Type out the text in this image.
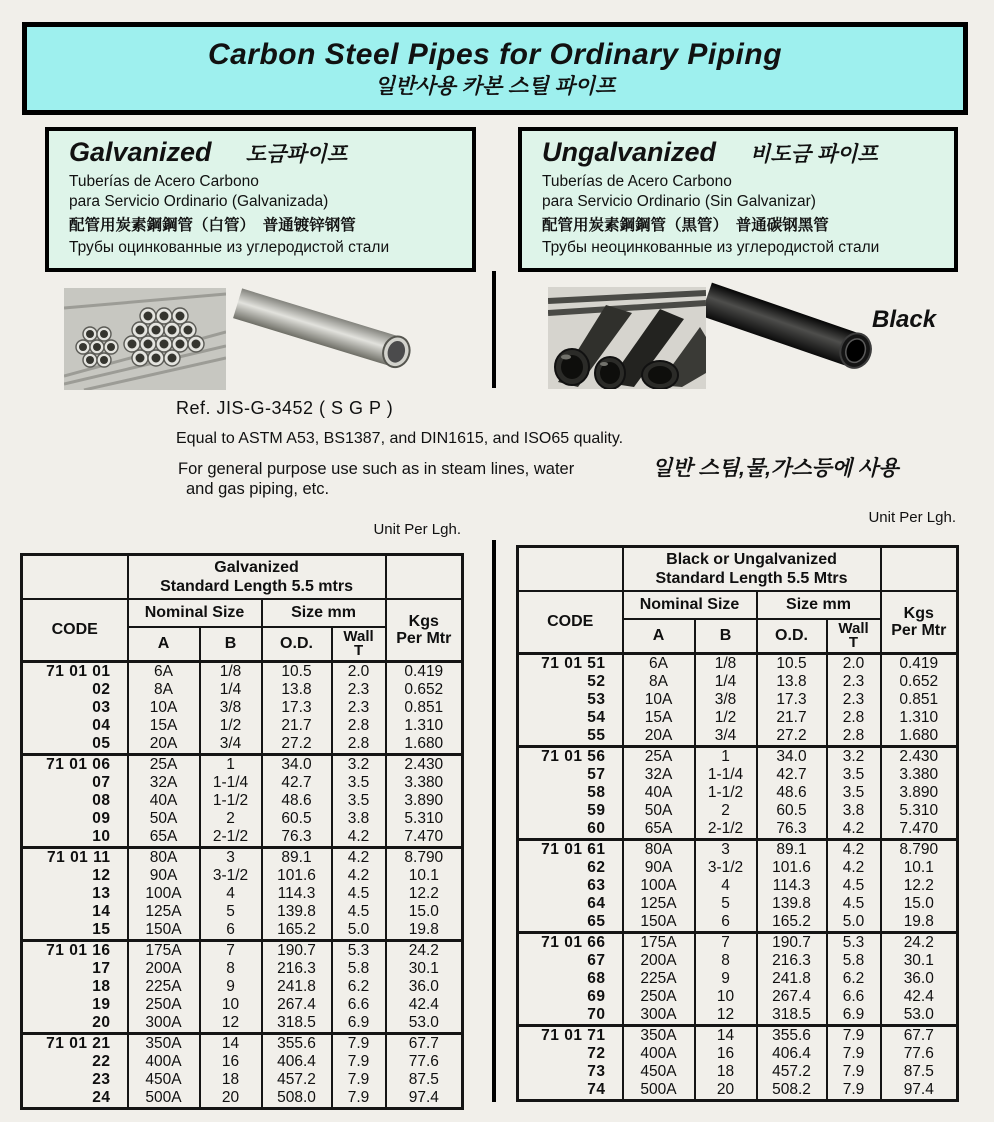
Carbon Steel Pipes for Ordinary Piping
일반사용 카본 스틸 파이프
Galvanized 도금파이프
Tuberías de Acero Carbono
para Servicio Ordinario (Galvanizada)
配管用炭素鋼鋼管（白管）　普通镀锌钢管
Трубы оцинкованные из углеродистой стали
Ungalvanized 비도금 파이프
Tuberías de Acero Carbono
para Servicio Ordinario (Sin Galvanizar)
配管用炭素鋼鋼管（黒管）　普通碳钢黑管
Трубы неоцинкованные из углеродистой стали
Black
Ref. JIS-G-3452 ( S G P )
Equal to ASTM A53, BS1387, and DIN1615, and ISO65 quality.
For general purpose use such as in steam lines, water
and gas piping, etc.
일반 스팀,물,가스등에 사용
Unit Per Lgh.
Unit Per Lgh.
	Galvanized
Standard Length 5.5 mtrs				
CODE	Nominal Size		Size mm		Kgs
Per Mtr
	A	B	O.D.	Wall
T	
71 01 01	6A	1/8	10.5	2.0	0.419
02	8A	1/4	13.8	2.3	0.652
03	10A	3/8	17.3	2.3	0.851
04	15A	1/2	21.7	2.8	1.310
05	20A	3/4	27.2	2.8	1.680
71 01 06	25A	1	34.0	3.2	2.430
07	32A	1-1/4	42.7	3.5	3.380
08	40A	1-1/2	48.6	3.5	3.890
09	50A	2	60.5	3.8	5.310
10	65A	2-1/2	76.3	4.2	7.470
71 01 11	80A	3	89.1	4.2	8.790
12	90A	3-1/2	101.6	4.2	10.1
13	100A	4	114.3	4.5	12.2
14	125A	5	139.8	4.5	15.0
15	150A	6	165.2	5.0	19.8
71 01 16	175A	7	190.7	5.3	24.2
17	200A	8	216.3	5.8	30.1
18	225A	9	241.8	6.2	36.0
19	250A	10	267.4	6.6	42.4
20	300A	12	318.5	6.9	53.0
71 01 21	350A	14	355.6	7.9	67.7
22	400A	16	406.4	7.9	77.6
23	450A	18	457.2	7.9	87.5
24	500A	20	508.0	7.9	97.4
	Black or Ungalvanized
Standard Length 5.5 Mtrs				
CODE	Nominal Size		Size mm		Kgs
Per Mtr
	A	B	O.D.	Wall
T	
71 01 51	6A	1/8	10.5	2.0	0.419
52	8A	1/4	13.8	2.3	0.652
53	10A	3/8	17.3	2.3	0.851
54	15A	1/2	21.7	2.8	1.310
55	20A	3/4	27.2	2.8	1.680
71 01 56	25A	1	34.0	3.2	2.430
57	32A	1-1/4	42.7	3.5	3.380
58	40A	1-1/2	48.6	3.5	3.890
59	50A	2	60.5	3.8	5.310
60	65A	2-1/2	76.3	4.2	7.470
71 01 61	80A	3	89.1	4.2	8.790
62	90A	3-1/2	101.6	4.2	10.1
63	100A	4	114.3	4.5	12.2
64	125A	5	139.8	4.5	15.0
65	150A	6	165.2	5.0	19.8
71 01 66	175A	7	190.7	5.3	24.2
67	200A	8	216.3	5.8	30.1
68	225A	9	241.8	6.2	36.0
69	250A	10	267.4	6.6	42.4
70	300A	12	318.5	6.9	53.0
71 01 71	350A	14	355.6	7.9	67.7
72	400A	16	406.4	7.9	77.6
73	450A	18	457.2	7.9	87.5
74	500A	20	508.2	7.9	97.4
